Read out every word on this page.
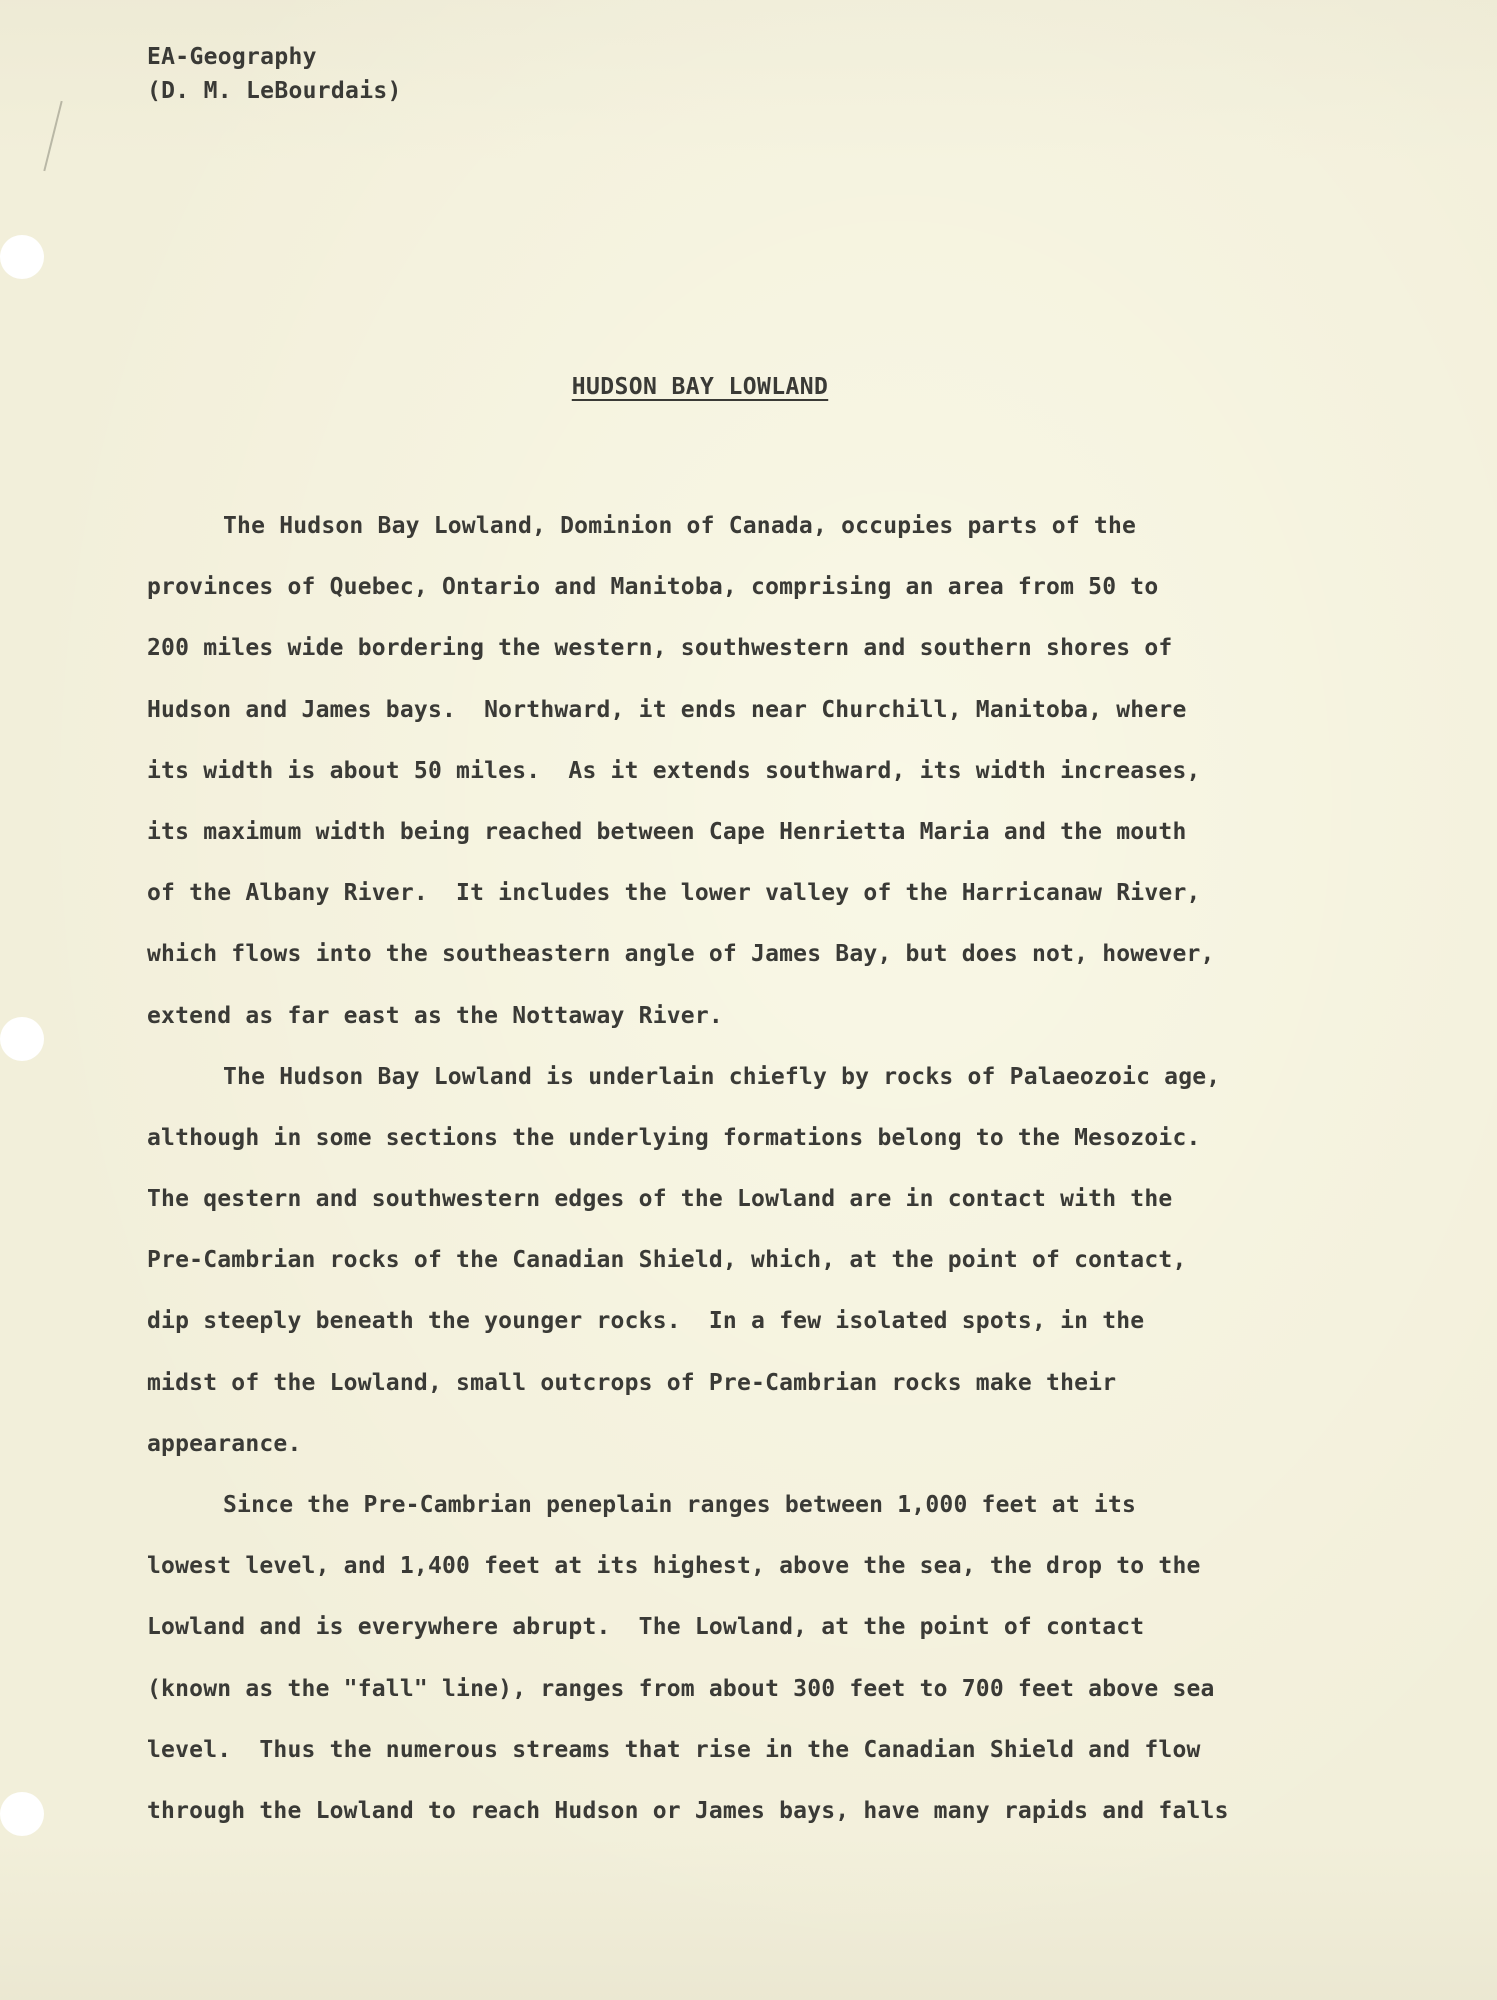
EA-Geography
(D. M. LeBourdais)
HUDSON BAY LOWLAND
The Hudson Bay Lowland, Dominion of Canada, occupies parts of the
provinces of Quebec, Ontario and Manitoba, comprising an area from 50 to
200 miles wide bordering the western, southwestern and southern shores of
Hudson and James bays.  Northward, it ends near Churchill, Manitoba, where
its width is about 50 miles.  As it extends southward, its width increases,
its maximum width being reached between Cape Henrietta Maria and the mouth
of the Albany River.  It includes the lower valley of the Harricanaw River,
which flows into the southeastern angle of James Bay, but does not, however,
extend as far east as the Nottaway River.
The Hudson Bay Lowland is underlain chiefly by rocks of Palaeozoic age,
although in some sections the underlying formations belong to the Mesozoic.
The qestern and southwestern edges of the Lowland are in contact with the
Pre-Cambrian rocks of the Canadian Shield, which, at the point of contact,
dip steeply beneath the younger rocks.  In a few isolated spots, in the
midst of the Lowland, small outcrops of Pre-Cambrian rocks make their
appearance.
Since the Pre-Cambrian peneplain ranges between 1,000 feet at its
lowest level, and 1,400 feet at its highest, above the sea, the drop to the
Lowland and is everywhere abrupt.  The Lowland, at the point of contact
(known as the "fall" line), ranges from about 300 feet to 700 feet above sea
level.  Thus the numerous streams that rise in the Canadian Shield and flow
through the Lowland to reach Hudson or James bays, have many rapids and falls
